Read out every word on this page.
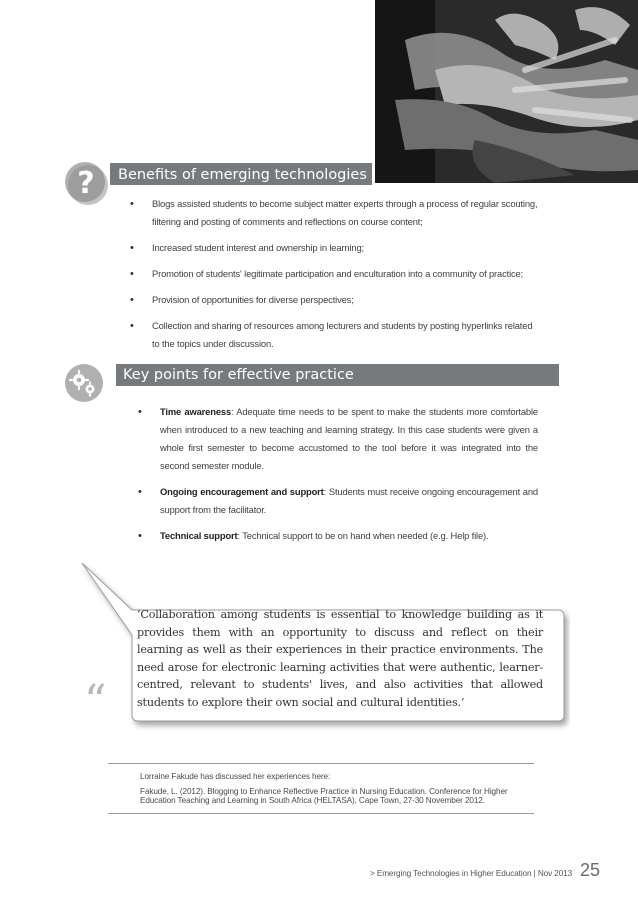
?	Benefits of emerging technologies
• Blogs assisted students to become subject matter experts through a process of regular scouting, filtering and posting of comments and reflections on course content;
• Increased student interest and ownership in learning;
• Promotion of students' legitimate participation and enculturation into a community of practice;
• Provision of opportunities for diverse perspectives;
• Collection and sharing of resources among lecturers and students by posting hyperlinks related to the topics under discussion.
Key points for effective practice
• Time awareness: Adequate time needs to be spent to make the students more comfortable when introduced to a new teaching and learning strategy. In this case students were given a whole first semester to become accustomed to the tool before it was integrated into the second semester module.
• Ongoing encouragement and support: Students must receive ongoing encouragement and support from the facilitator.
• Technical support: Technical support to be on hand when needed (e.g. Help file).
“
‘Collaboration among students is essential to knowledge building as it provides them with an opportunity to discuss and reflect on their learning as well as their experiences in their practice environments. The need arose for electronic learning activities that were authentic, learner-centred, relevant to students' lives, and also activities that allowed students to explore their own social and cultural identities.’
Lorraine Fakude has discussed her experiences here:
Fakude, L. (2012). Blogging to Enhance Reflective Practice in Nursing Education. Conference for Higher
Education Teaching and Learning in South Africa (HELTASA), Cape Town, 27-30 November 2012.
> Emerging Technologies in Higher Education | Nov 2013 25
